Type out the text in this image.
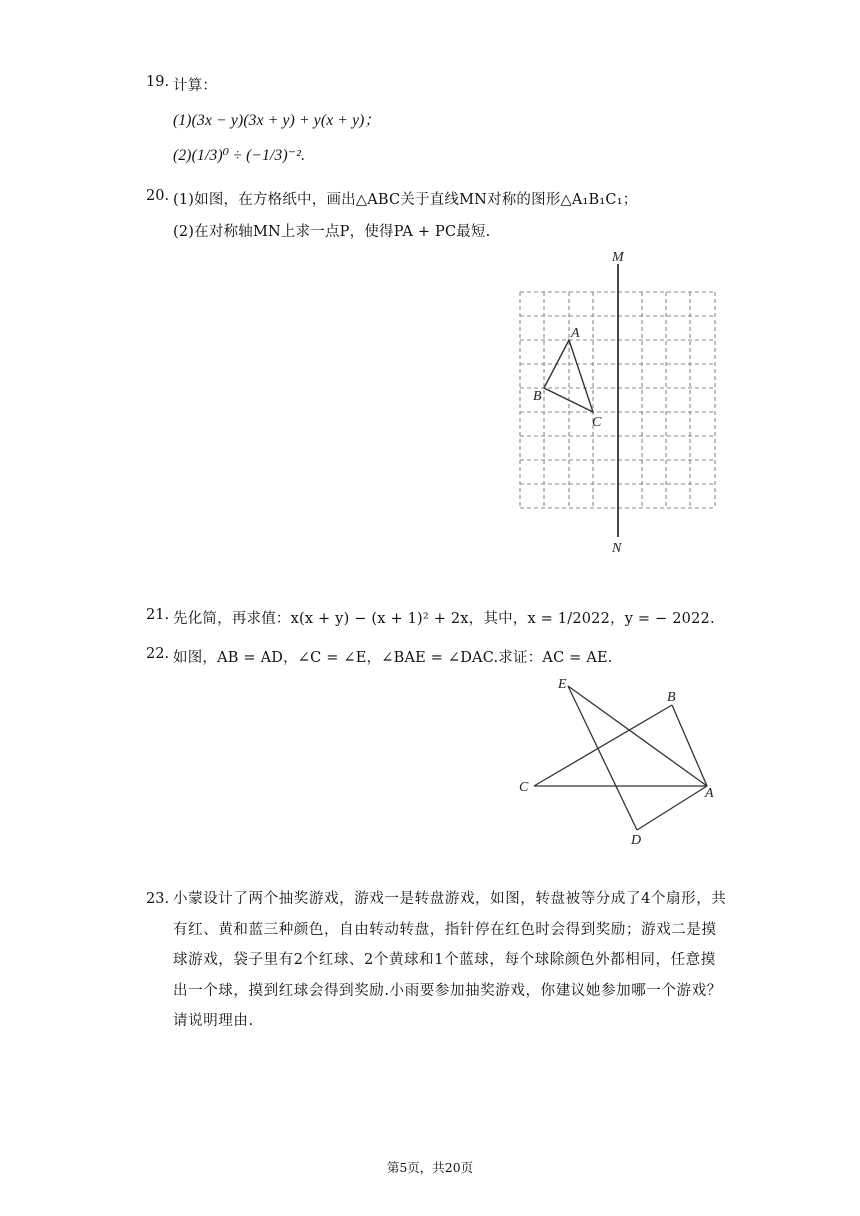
19. 计算：
(1)(3x − y)(3x + y) + y(x + y)；
(2)(1/3)⁰ ÷ (−1/3)⁻².
20. (1)如图，在方格纸中，画出△ABC关于直线MN对称的图形△A₁B₁C₁；
(2)在对称轴MN上求一点P，使得PA + PC最短.
M
N
A
B
C
21. 先化简，再求值：x(x + y) − (x + 1)² + 2x，其中，x = 1/2022，y = − 2022.
22. 如图，AB = AD，∠C = ∠E，∠BAE = ∠DAC.求证：AC = AE.
E
B
C	A
D
23. 小蒙设计了两个抽奖游戏，游戏一是转盘游戏，如图，转盘被等分成了4个扇形，共有红、黄和蓝三种颜色，自由转动转盘，指针停在红色时会得到奖励；游戏二是摸球游戏，袋子里有2个红球、2个黄球和1个蓝球，每个球除颜色外都相同，任意摸出一个球，摸到红球会得到奖励.小雨要参加抽奖游戏，你建议她参加哪一个游戏？请说明理由.
第5页，共20页
